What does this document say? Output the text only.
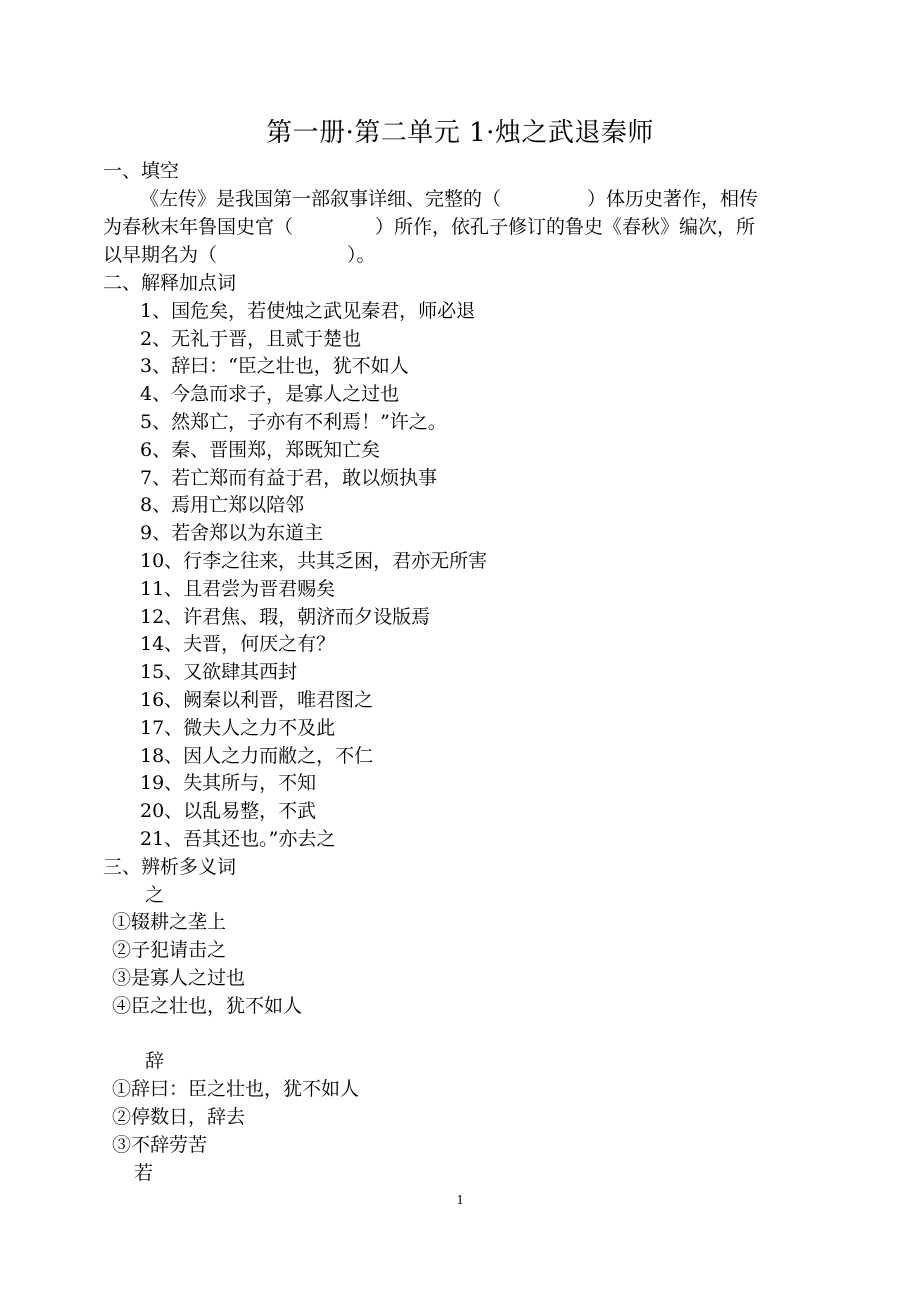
第一册·第二单元 1·烛之武退秦师
一、填空
《左传》是我国第一部叙事详细、完整的（	）体历史著作，相传
为春秋末年鲁国史官（	）所作，依孔子修订的鲁史《春秋》编次，所
以早期名为（	）。
二、解释加点词
1、国危矣，若使烛之武见秦君，师必退
2、无礼于晋，且贰于楚也
3、辞曰：“臣之壮也，犹不如人
4、今急而求子，是寡人之过也
5、然郑亡，子亦有不利焉！”许之。
6、秦、晋围郑，郑既知亡矣
7、若亡郑而有益于君，敢以烦执事
8、焉用亡郑以陪邻
9、若舍郑以为东道主
10、行李之往来，共其乏困，君亦无所害
11、且君尝为晋君赐矣
12、许君焦、瑕，朝济而夕设版焉
14、夫晋，何厌之有？
15、又欲肆其西封
16、阙秦以利晋，唯君图之
17、微夫人之力不及此
18、因人之力而敝之，不仁
19、失其所与，不知
20、以乱易整，不武
21、吾其还也。”亦去之
三、辨析多义词
之
①辍耕之垄上
②子犯请击之
③是寡人之过也
④臣之壮也，犹不如人
辞
①辞曰：臣之壮也，犹不如人
②停数日，辞去
③不辞劳苦
若
1
